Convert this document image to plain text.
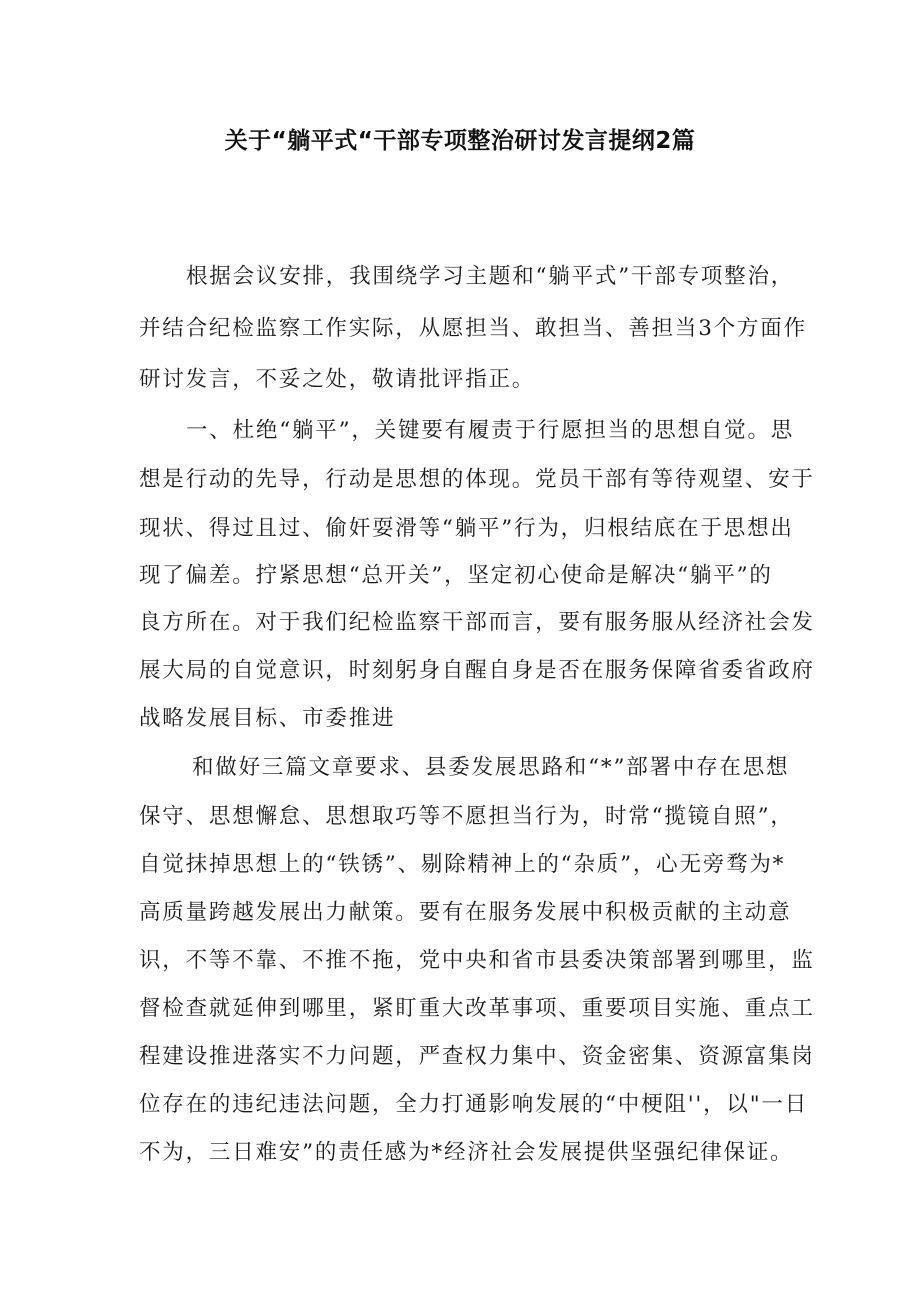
关于“躺平式“干部专项整治研讨发言提纲2篇
根据会议安排，我围绕学习主题和“躺平式”干部专项整治，
并结合纪检监察工作实际，从愿担当、敢担当、善担当3个方面作
研讨发言，不妥之处，敬请批评指正。
一、杜绝“躺平”，关键要有履责于行愿担当的思想自觉。思
想是行动的先导，行动是思想的体现。党员干部有等待观望、安于
现状、得过且过、偷奸耍滑等“躺平”行为，归根结底在于思想出
现了偏差。拧紧思想“总开关”，坚定初心使命是解决“躺平”的
良方所在。对于我们纪检监察干部而言，要有服务服从经济社会发
展大局的自觉意识，时刻躬身自醒自身是否在服务保障省委省政府
战略发展目标、市委推进
和做好三篇文章要求、县委发展思路和“*”部署中存在思想
保守、思想懈怠、思想取巧等不愿担当行为，时常“揽镜自照”，
自觉抹掉思想上的“铁锈”、剔除精神上的“杂质”，心无旁骛为*
高质量跨越发展出力献策。要有在服务发展中积极贡献的主动意
识，不等不靠、不推不拖，党中央和省市县委决策部署到哪里，监
督检查就延伸到哪里，紧盯重大改革事项、重要项目实施、重点工
程建设推进落实不力问题，严查权力集中、资金密集、资源富集岗
位存在的违纪违法问题，全力打通影响发展的“中梗阻''，以"一日
不为，三日难安”的责任感为*经济社会发展提供坚强纪律保证。
